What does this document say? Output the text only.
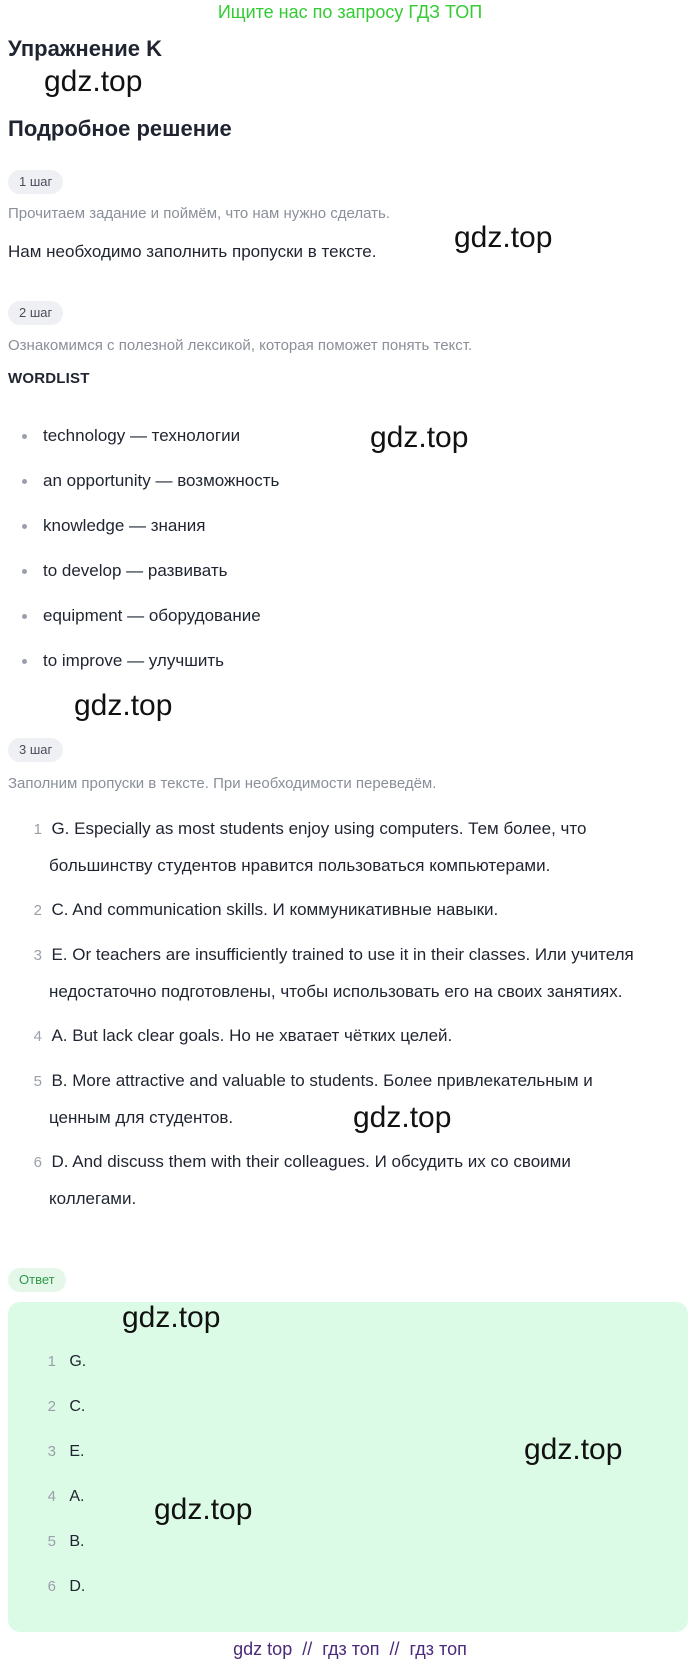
Ищите нас по запросу ГДЗ ТОП
Упражнение K
gdz.top
Подробное решение
1 шаг
Прочитаем задание и поймём, что нам нужно сделать.
Нам необходимо заполнить пропуски в тексте.	gdz.top
2 шаг
Ознакомимся с полезной лексикой, которая поможет понять текст.
WORDLIST
technology — технологии
an opportunity — возможность
knowledge — знания
to develop — развивать
equipment — оборудование
to improve — улучшить
gdz.top
gdz.top
3 шаг
Заполним пропуски в тексте. При необходимости переведём.
1 G. Especially as most students enjoy using computers. Тем более, что
большинству студентов нравится пользоваться компьютерами.
2 C. And communication skills. И коммуникативные навыки.
3 E. Or teachers are insufficiently trained to use it in their classes. Или учителя
недостаточно подготовлены, чтобы использовать его на своих занятиях.
4 A. But lack clear goals. Но не хватает чётких целей.
5 B. More attractive and valuable to students. Более привлекательным и
ценным для студентов.
6 D. And discuss them with their colleagues. И обсудить их со своими
коллегами.
gdz.top
Ответ
1 G.
2 C.
3 E.
4 A.
5 B.
6 D.
gdz.top
gdz.top
gdz.top
gdz top  //  гдз топ  //  гдз топ
